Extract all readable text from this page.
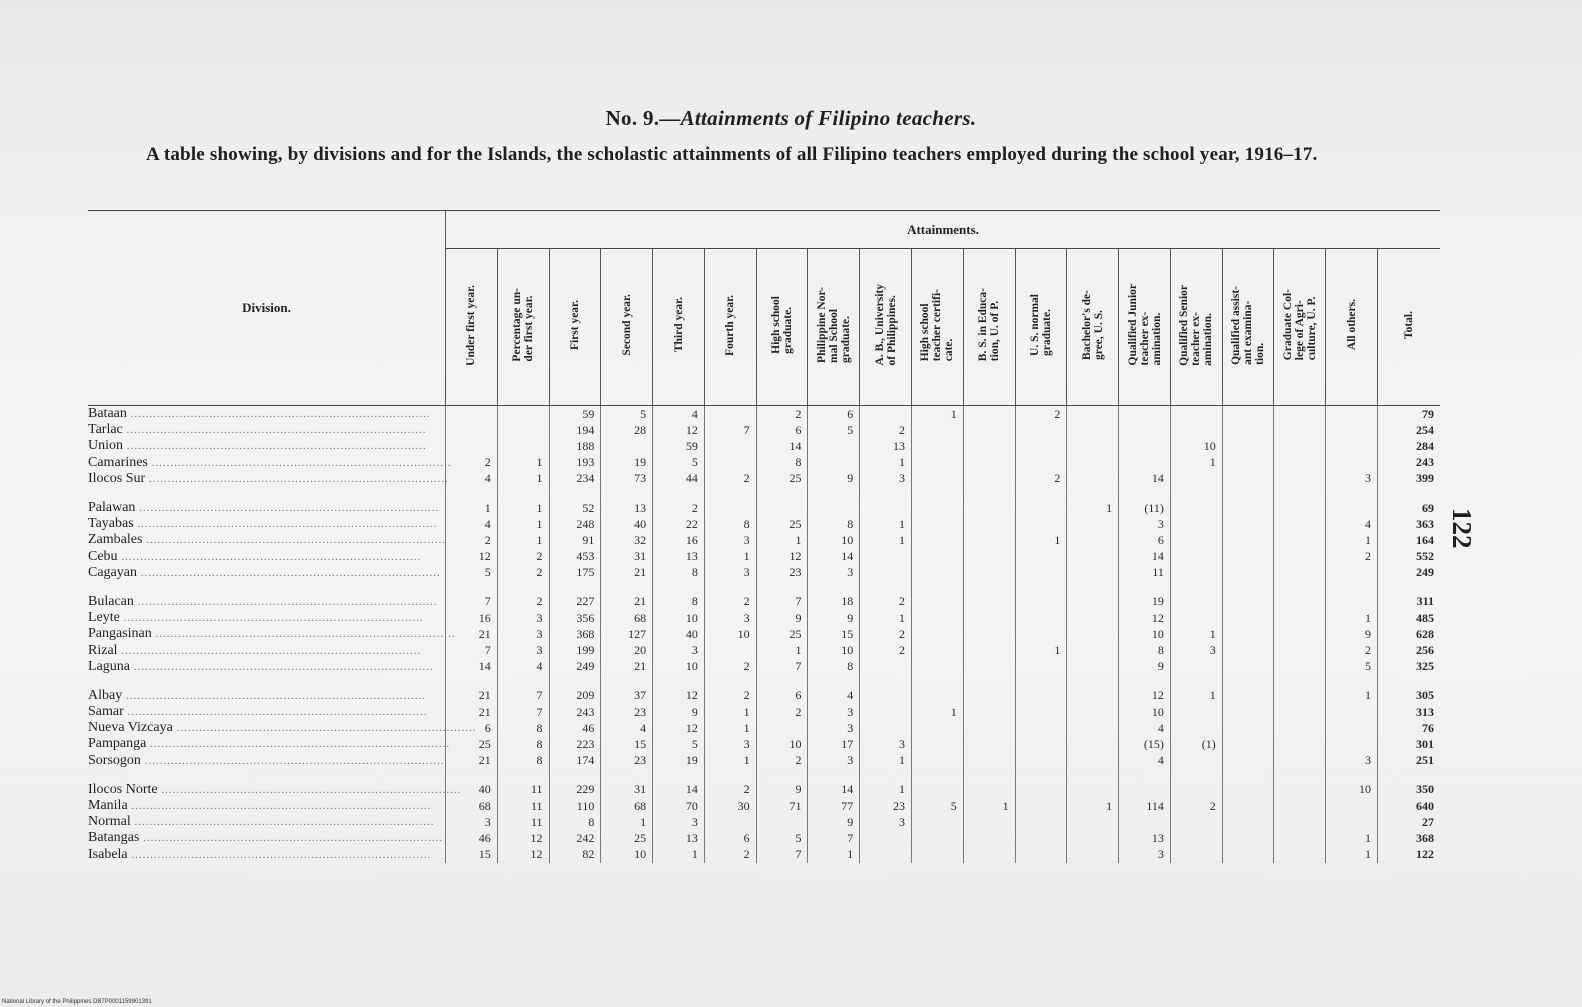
No. 9.—Attainments of Filipino teachers.
A table showing, by divisions and for the Islands, the scholastic attainments of all Filipino teachers employed during the school year, 1916–17.
Division.	Attainments.																		
	Under first year.	Percentage un-
der first year.	First year.	Second year.	Third year.	Fourth year.	High school
graduate.	Philippine Nor-
mal School
graduate.	A. B., University
of Philippines.	High school
teacher certifi-
cate.	B. S. in Educa-
tion, U. of P.	U. S. normal
graduate.	Bachelor's de-
gree, U. S.	Qualified Junior
teacher ex-
amination.	Qualified Senior
teacher ex-
amination.	Qualified assist-
ant examina-
tion.	Graduate Col-
lege of Agri-
culture, U. P.	All others.	Total.
Bataan ................................................................................			59	5	4		2	6		1		2							79
Tarlac ................................................................................			194	28	12	7	6	5	2										254
Union ................................................................................			188		59		14		13						10				284
Camarines ................................................................................	2	1	193	19	5		8		1						1				243
Ilocos Sur ................................................................................	4	1	234	73	44	2	25	9	3			2		14				3	399

Palawan ................................................................................	1	1	52	13	2								1	(11)					69
Tayabas ................................................................................	4	1	248	40	22	8	25	8	1					3				4	363
Zambales ................................................................................	2	1	91	32	16	3	1	10	1			1		6				1	164
Cebu ................................................................................	12	2	453	31	13	1	12	14						14				2	552
Cagayan ................................................................................	5	2	175	21	8	3	23	3						11					249

Bulacan ................................................................................	7	2	227	21	8	2	7	18	2					19					311
Leyte ................................................................................	16	3	356	68	10	3	9	9	1					12				1	485
Pangasinan ................................................................................	21	3	368	127	40	10	25	15	2					10	1			9	628
Rizal ................................................................................	7	3	199	20	3		1	10	2			1		8	3			2	256
Laguna ................................................................................	14	4	249	21	10	2	7	8						9				5	325

Albay ................................................................................	21	7	209	37	12	2	6	4						12	1			1	305
Samar ................................................................................	21	7	243	23	9	1	2	3		1				10					313
Nueva Vizcaya ................................................................................	6	8	46	4	12	1		3						4					76
Pampanga ................................................................................	25	8	223	15	5	3	10	17	3					(15)	(1)				301
Sorsogon ................................................................................	21	8	174	23	19	1	2	3	1					4				3	251

Ilocos Norte ................................................................................	40	11	229	31	14	2	9	14	1									10	350
Manila ................................................................................	68	11	110	68	70	30	71	77	23	5	1		1	114	2				640
Normal ................................................................................	3	11	8	1	3			9	3										27
Batangas ................................................................................	46	12	242	25	13	6	5	7						13				1	368
Isabela ................................................................................	15	12	82	10	1	2	7	1						3				1	122
122
National Library of the Philippines DB7P0001159901391
